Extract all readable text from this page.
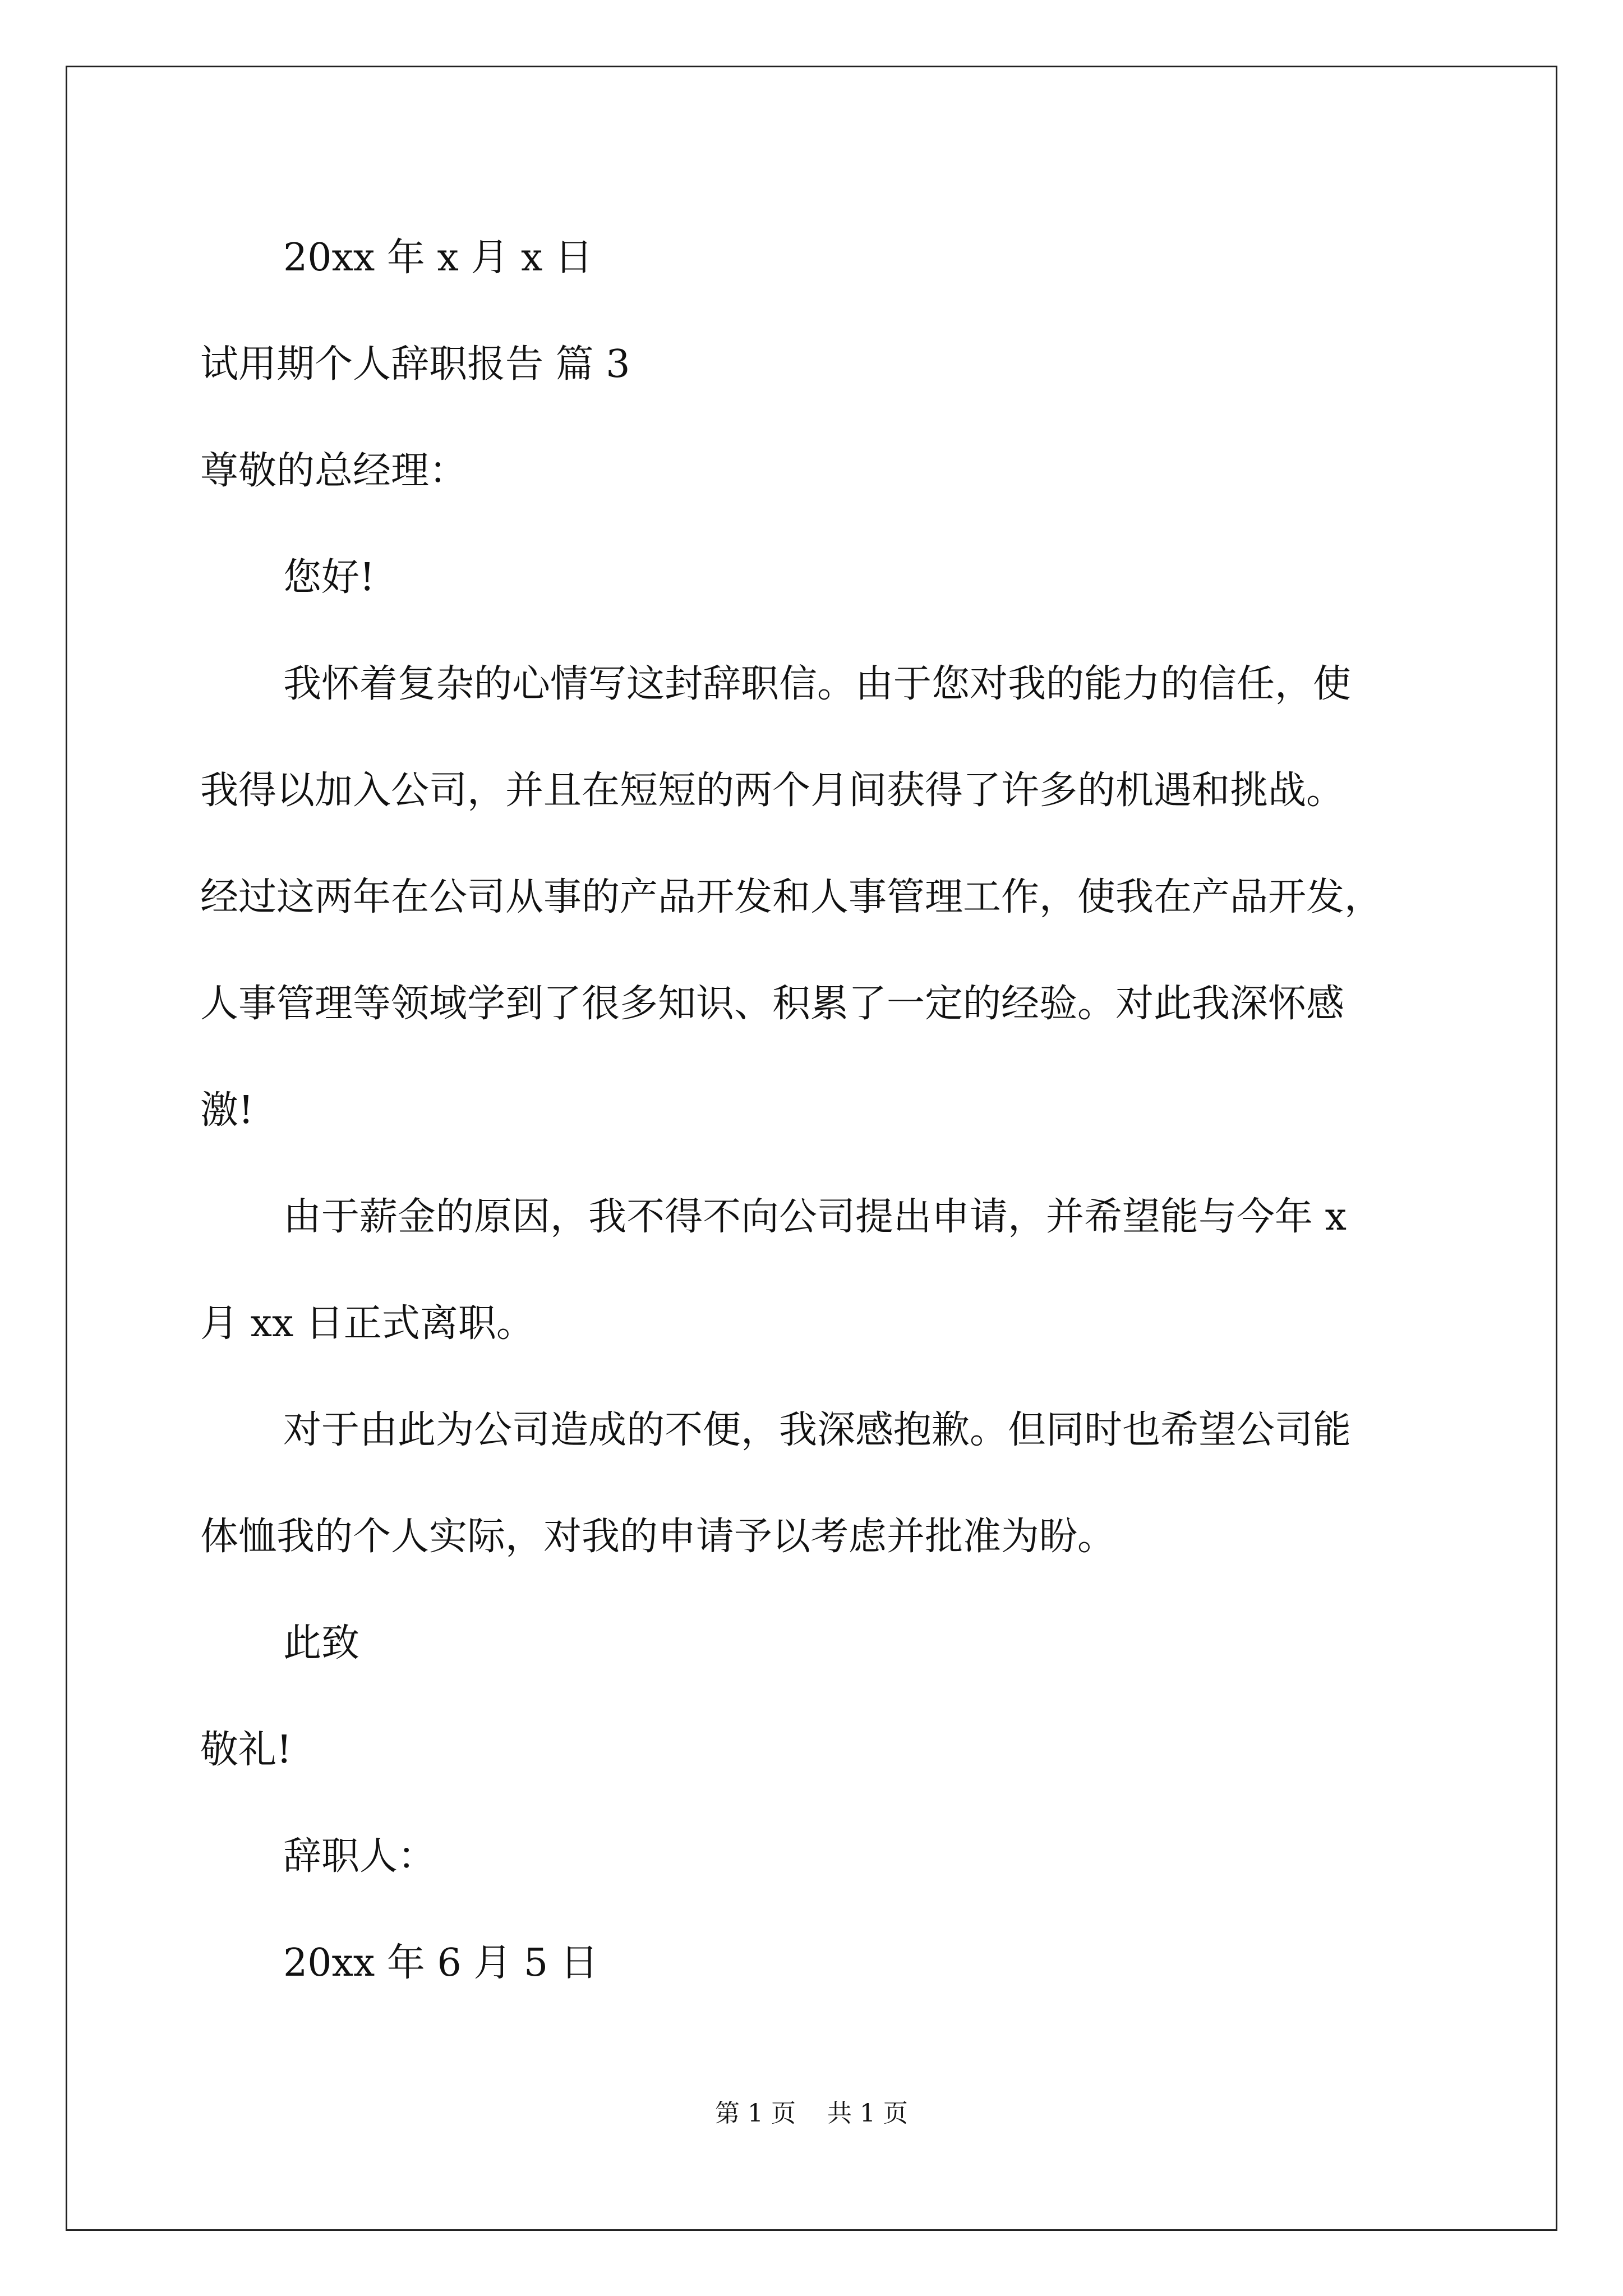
20xx 年 x 月 x 日
试用期个人辞职报告 篇 3
尊敬的总经理：
您好!
我怀着复杂的心情写这封辞职信。由于您对我的能力的信任，使
我得以加入公司，并且在短短的两个月间获得了许多的机遇和挑战。
经过这两年在公司从事的产品开发和人事管理工作，使我在产品开发，
人事管理等领域学到了很多知识、积累了一定的经验。对此我深怀感
激!
由于薪金的原因，我不得不向公司提出申请，并希望能与今年 x
月 xx 日正式离职。
对于由此为公司造成的不便，我深感抱歉。但同时也希望公司能
体恤我的个人实际，对我的申请予以考虑并批准为盼。
此致
敬礼!
辞职人：
20xx 年 6 月 5 日
第 1 页    共 1 页
